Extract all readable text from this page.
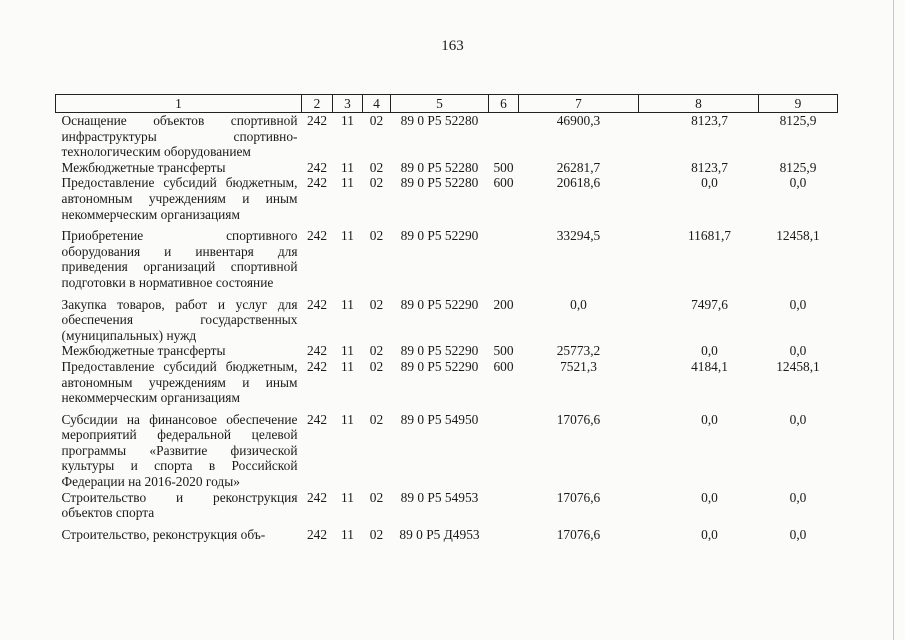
163
1	2	3	4	5	6	7	8	9
Оснащение объектов спортивной инфраструктуры спортивно-технологическим оборудованием	242	11	02	89 0 Р5 52280		46900,3	8123,7	8125,9
Межбюджетные трансферты	242	11	02	89 0 Р5 52280	500	26281,7	8123,7	8125,9
Предоставление субсидий бюджетным, автономным учреждениям и иным некоммерческим организациям	242	11	02	89 0 Р5 52280	600	20618,6	0,0	0,0
Приобретение спортивного оборудования и инвентаря для приведения организаций спортивной подготовки в нормативное состояние	242	11	02	89 0 Р5 52290		33294,5	11681,7	12458,1
Закупка товаров, работ и услуг для обеспечения государственных (муниципальных) нужд	242	11	02	89 0 Р5 52290	200	0,0	7497,6	0,0
Межбюджетные трансферты	242	11	02	89 0 Р5 52290	500	25773,2	0,0	0,0
Предоставление субсидий бюджетным, автономным учреждениям и иным некоммерческим организациям	242	11	02	89 0 Р5 52290	600	7521,3	4184,1	12458,1
Субсидии на финансовое обеспечение мероприятий федеральной целевой программы «Развитие физической культуры и спорта в Российской Федерации на 2016-2020 годы»	242	11	02	89 0 Р5 54950		17076,6	0,0	0,0
Строительство и реконструкция объектов спорта	242	11	02	89 0 Р5 54953		17076,6	0,0	0,0
Строительство, реконструкция объ-	242	11	02	89 0 Р5 Д4953		17076,6	0,0	0,0
